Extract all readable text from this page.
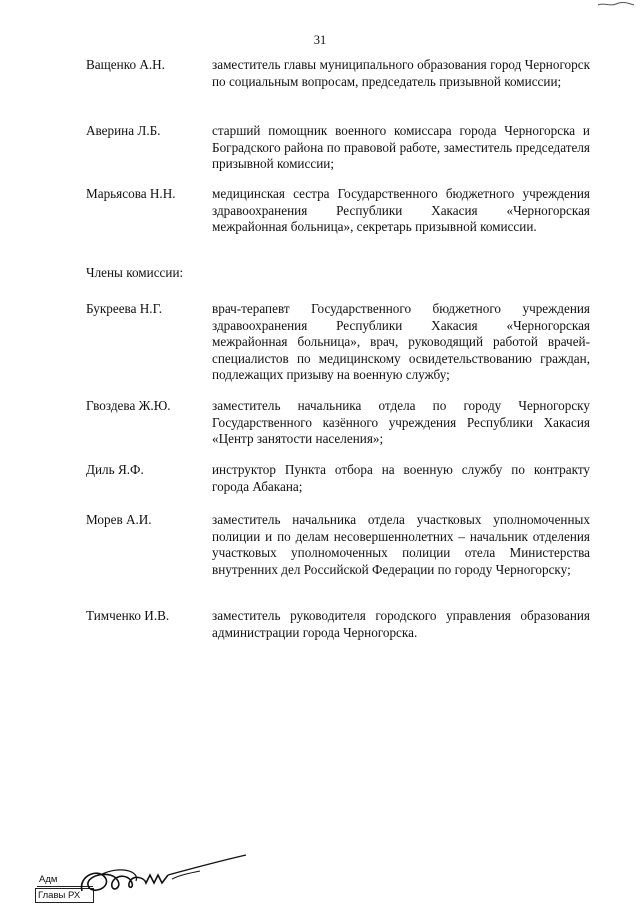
31
Ващенко А.Н.	заместитель главы муниципального образования город Черногорск по социальным вопросам, председатель призывной комиссии;
Аверина Л.Б.	старший помощник военного комиссара города Черногорска и Боградского района по правовой работе, заместитель председателя призывной комиссии;
Марьясова Н.Н.	медицинская сестра Государственного бюджетного учреждения здравоохранения Республики Хакасия «Черногорская межрайонная больница», секретарь призывной комиссии.
Члены комиссии:
Букреева Н.Г.	врач-терапевт Государственного бюджетного учреждения здравоохранения Республики Хакасия «Черногорская межрайонная больница», врач, руководящий работой врачей-специалистов по медицинскому освидетельствованию граждан, подлежащих призыву на военную службу;
Гвоздева Ж.Ю.	заместитель начальника отдела по городу Черногорску Государственного казённого учреждения Республики Хакасия «Центр занятости населения»;
Диль Я.Ф.	инструктор Пункта отбора на военную службу по контракту города Абакана;
Морев А.И.	заместитель начальника отдела участковых уполномоченных полиции и по делам несовершеннолетних – начальник отделения участковых уполномоченных полиции отела Министерства внутренних дел Российской Федерации по городу Черногорску;
Тимченко И.В.	заместитель руководителя городского управления образования администрации города Черногорска.
Адм
Главы РХ
